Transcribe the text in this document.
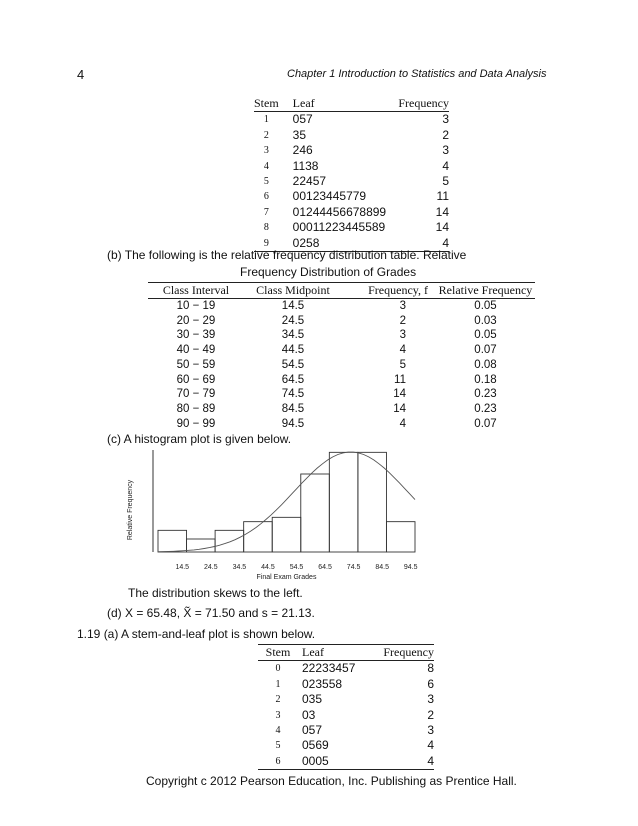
4	Chapter 1 Introduction to Statistics and Data Analysis
Stem	Leaf	Frequency
1	057	3
2	35	2
3	246	3
4	1138	4
5	22457	5
6	00123445779	11
7	01244456678899	14
8	00011223445589	14
9	0258	4
(b) The following is the relative frequency distribution table. Relative
Frequency Distribution of Grades
Class Interval	Class Midpoint	Frequency, f	Relative Frequency
10 − 19	14.5	3	0.05
20 − 29	24.5	2	0.03
30 − 39	34.5	3	0.05
40 − 49	44.5	4	0.07
50 − 59	54.5	5	0.08
60 − 69	64.5	11	0.18
70 − 79	74.5	14	0.23
80 − 89	84.5	14	0.23
90 − 99	94.5	4	0.07
(c) A histogram plot is given below.
14.5 24.5 34.5 44.5 54.5 64.5 74.5 84.5 94.5
Final Exam Grades
Relative Frequency
The distribution skews to the left.
(d) X = 65.48, X̃ = 71.50 and s = 21.13.
1.19 (a) A stem-and-leaf plot is shown below.
Stem	Leaf	Frequency
0	22233457	8
1	023558	6
2	035	3
3	03	2
4	057	3
5	0569	4
6	0005	4
Copyright c 2012 Pearson Education, Inc. Publishing as Prentice Hall.
